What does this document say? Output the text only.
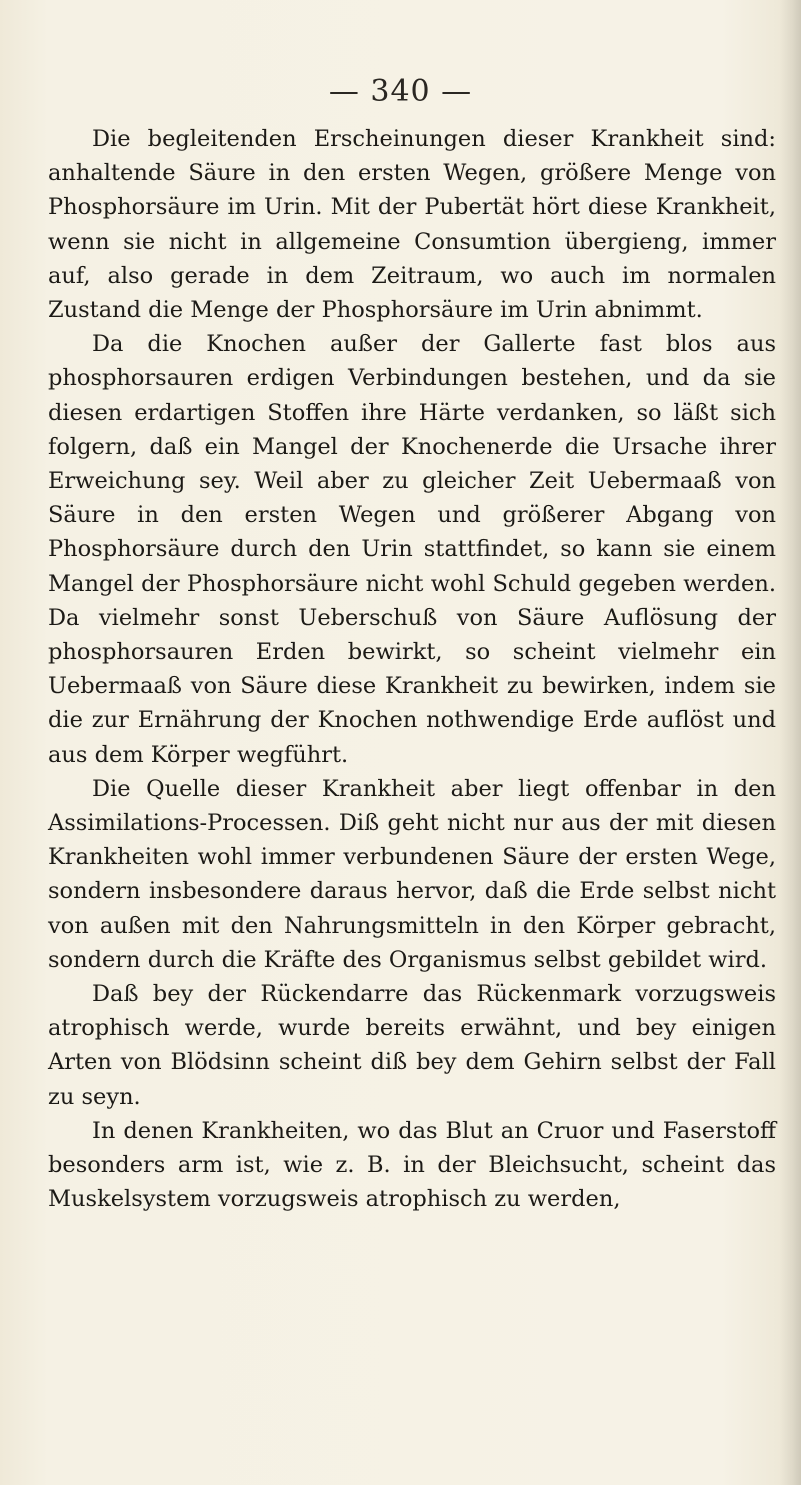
— 340 —

Die begleitenden Erscheinungen dieser Krankheit sind: anhaltende Säure in den ersten Wegen, größere Menge von Phosphorsäure im Urin. Mit der Pubertät hört diese Krankheit, wenn sie nicht in allgemeine Consumtion übergieng, immer auf, also gerade in dem Zeitraum, wo auch im normalen Zustand die Menge der Phosphorsäure im Urin abnimmt.

Da die Knochen außer der Gallerte fast blos aus phosphorsauren erdigen Verbindungen bestehen, und da sie diesen erdartigen Stoffen ihre Härte verdanken, so läßt sich folgern, daß ein Mangel der Knochenerde die Ursache ihrer Erweichung sey. Weil aber zu gleicher Zeit Uebermaaß von Säure in den ersten Wegen und größerer Abgang von Phosphorsäure durch den Urin stattfindet, so kann sie einem Mangel der Phosphorsäure nicht wohl Schuld gegeben werden. Da vielmehr sonst Ueberschuß von Säure Auflösung der phosphorsauren Erden bewirkt, so scheint vielmehr ein Uebermaaß von Säure diese Krankheit zu bewirken, indem sie die zur Ernährung der Knochen nothwendige Erde auflöst und aus dem Körper wegführt.

Die Quelle dieser Krankheit aber liegt offenbar in den Assimilations-Processen. Diß geht nicht nur aus der mit diesen Krankheiten wohl immer verbundenen Säure der ersten Wege, sondern insbesondere daraus hervor, daß die Erde selbst nicht von außen mit den Nahrungsmitteln in den Körper gebracht, sondern durch die Kräfte des Organismus selbst gebildet wird.

Daß bey der Rückendarre das Rückenmark vorzugsweis atrophisch werde, wurde bereits erwähnt, und bey einigen Arten von Blödsinn scheint diß bey dem Gehirn selbst der Fall zu seyn.

In denen Krankheiten, wo das Blut an Cruor und Faserstoff besonders arm ist, wie z. B. in der Bleichsucht, scheint das Muskelsystem vorzugsweis atrophisch zu werden,
